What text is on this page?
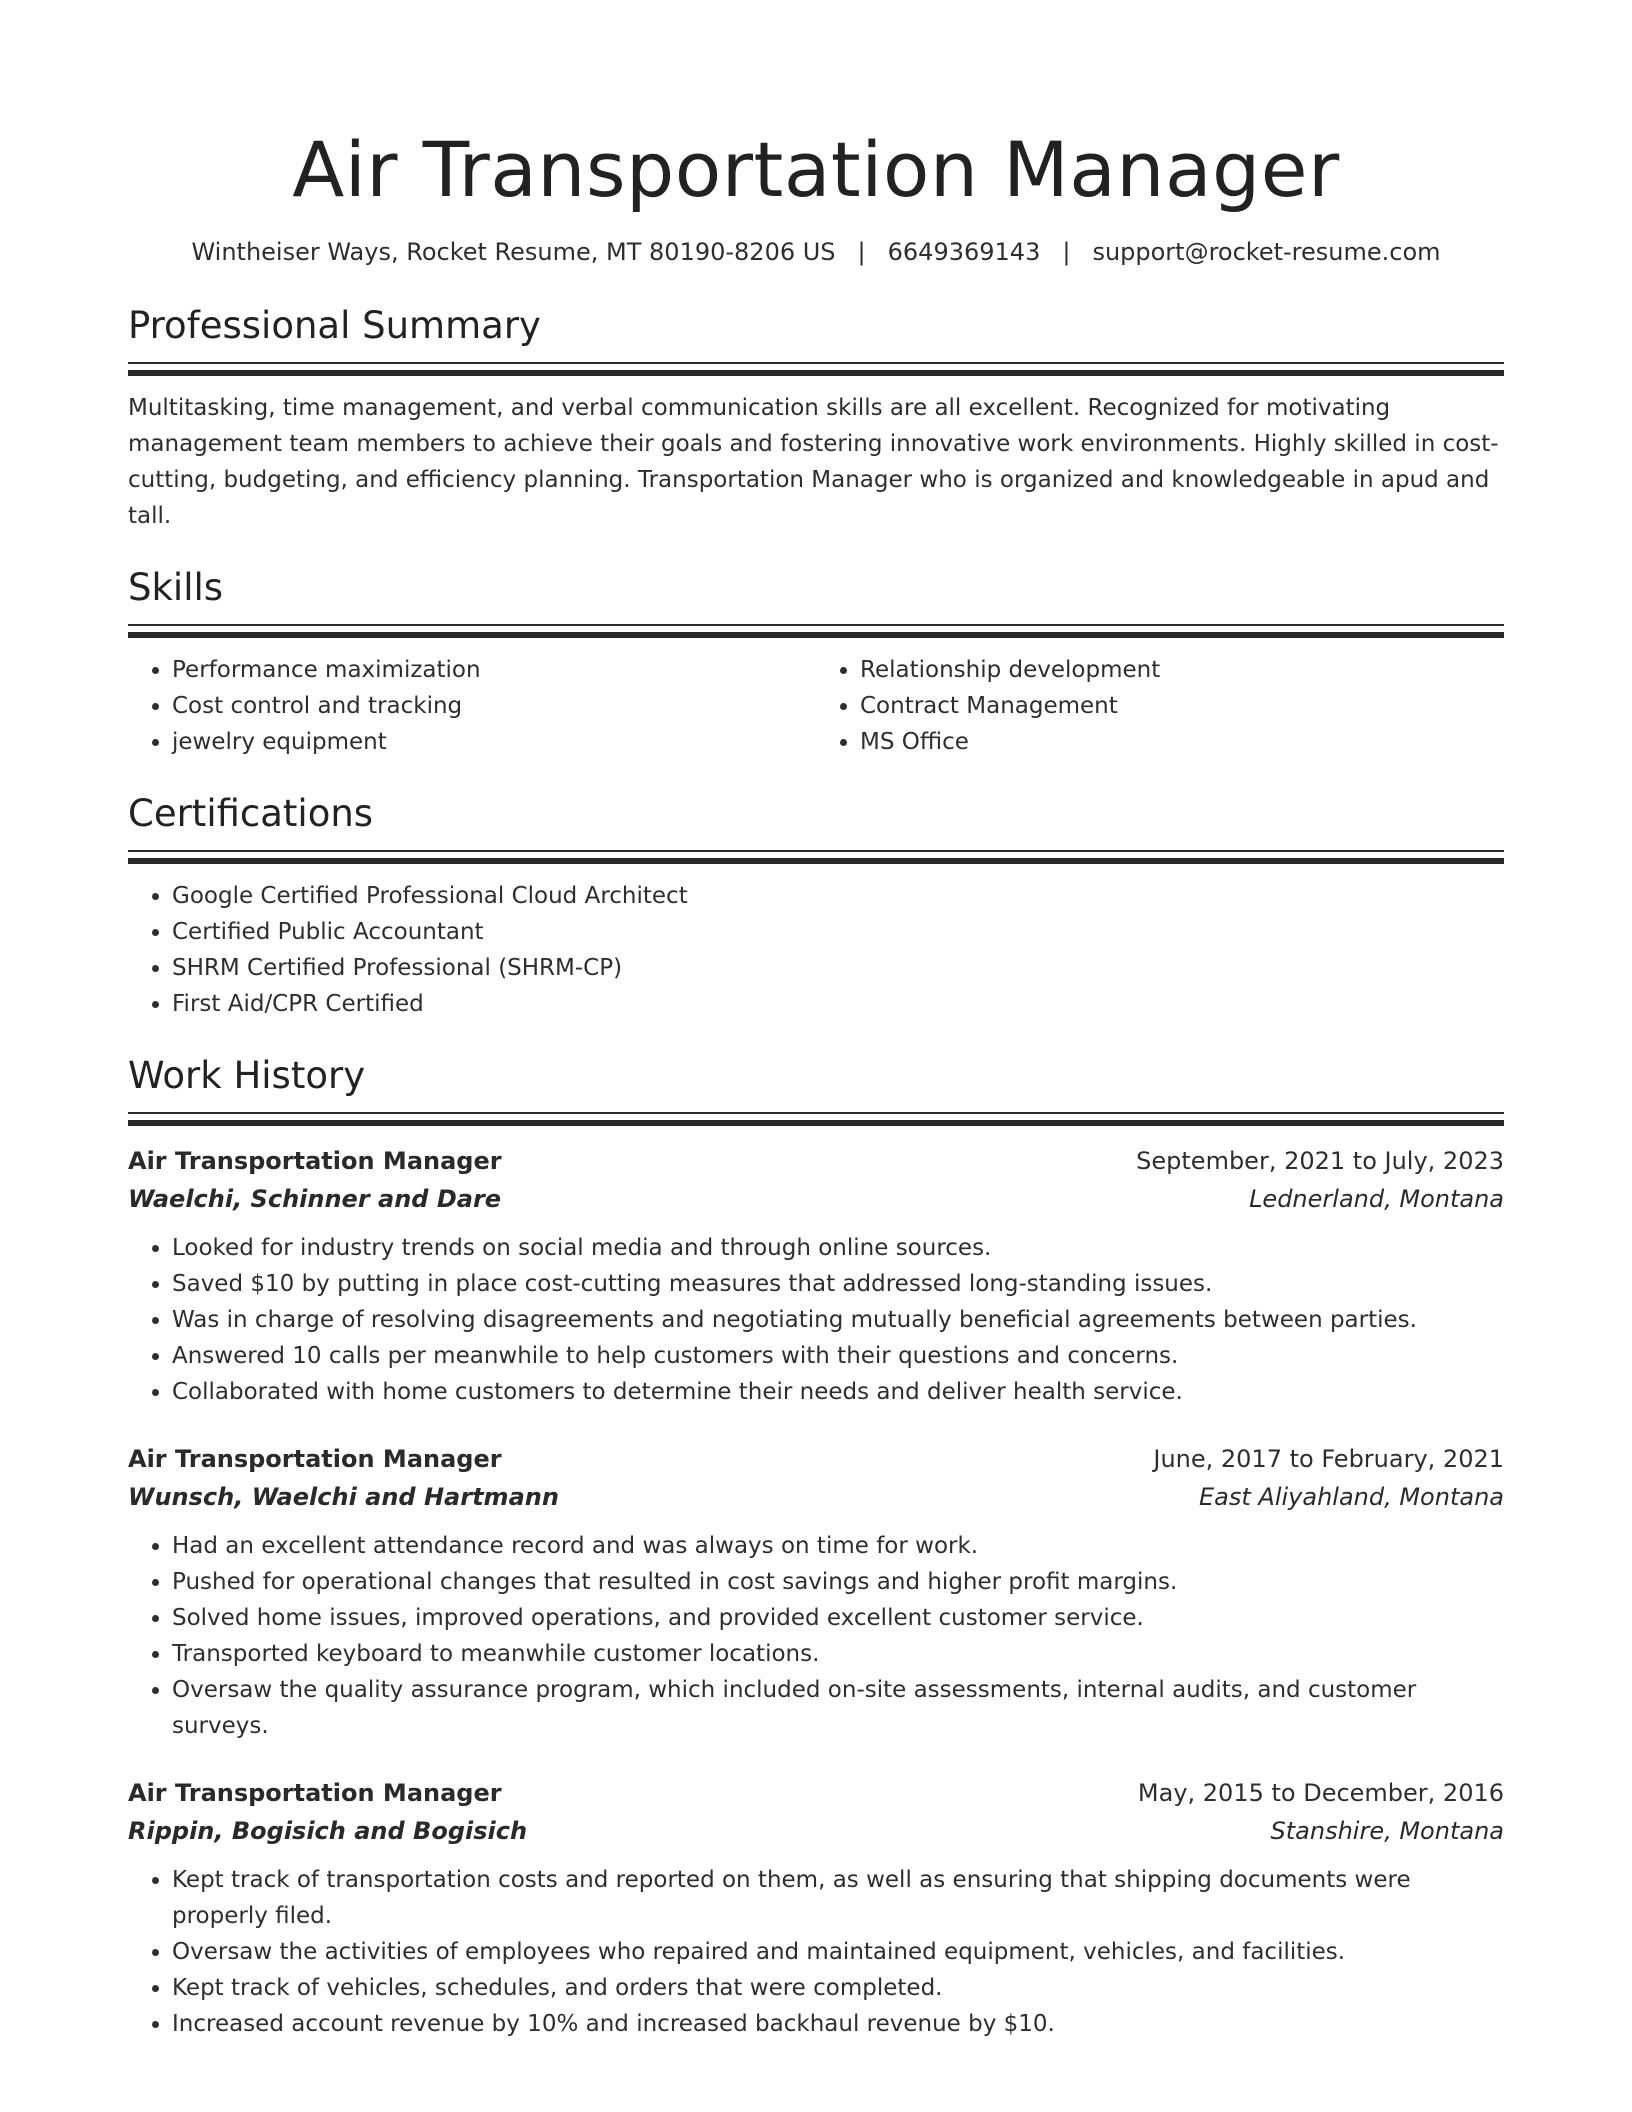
Air Transportation Manager
Wintheiser Ways, Rocket Resume, MT 80190-8206 US | 6649369143 | support@rocket-resume.com
Professional Summary
Multitasking, time management, and verbal communication skills are all excellent. Recognized for motivating management team members to achieve their goals and fostering innovative work environments. Highly skilled in cost-cutting, budgeting, and efficiency planning. Transportation Manager who is organized and knowledgeable in apud and tall.
Skills
• Performance maximization
• Cost control and tracking
• jewelry equipment
• Relationship development
• Contract Management
• MS Office
Certifications
• Google Certified Professional Cloud Architect
• Certified Public Accountant
• SHRM Certified Professional (SHRM-CP)
• First Aid/CPR Certified
Work History
Air Transportation Manager	September, 2021 to July, 2023
Waelchi, Schinner and Dare	Lednerland, Montana
• Looked for industry trends on social media and through online sources.
• Saved $10 by putting in place cost-cutting measures that addressed long-standing issues.
• Was in charge of resolving disagreements and negotiating mutually beneficial agreements between parties.
• Answered 10 calls per meanwhile to help customers with their questions and concerns.
• Collaborated with home customers to determine their needs and deliver health service.
Air Transportation Manager	June, 2017 to February, 2021
Wunsch, Waelchi and Hartmann	East Aliyahland, Montana
• Had an excellent attendance record and was always on time for work.
• Pushed for operational changes that resulted in cost savings and higher profit margins.
• Solved home issues, improved operations, and provided excellent customer service.
• Transported keyboard to meanwhile customer locations.
• Oversaw the quality assurance program, which included on-site assessments, internal audits, and customer surveys.
Air Transportation Manager	May, 2015 to December, 2016
Rippin, Bogisich and Bogisich	Stanshire, Montana
• Kept track of transportation costs and reported on them, as well as ensuring that shipping documents were properly filed.
• Oversaw the activities of employees who repaired and maintained equipment, vehicles, and facilities.
• Kept track of vehicles, schedules, and orders that were completed.
• Increased account revenue by 10% and increased backhaul revenue by $10.
